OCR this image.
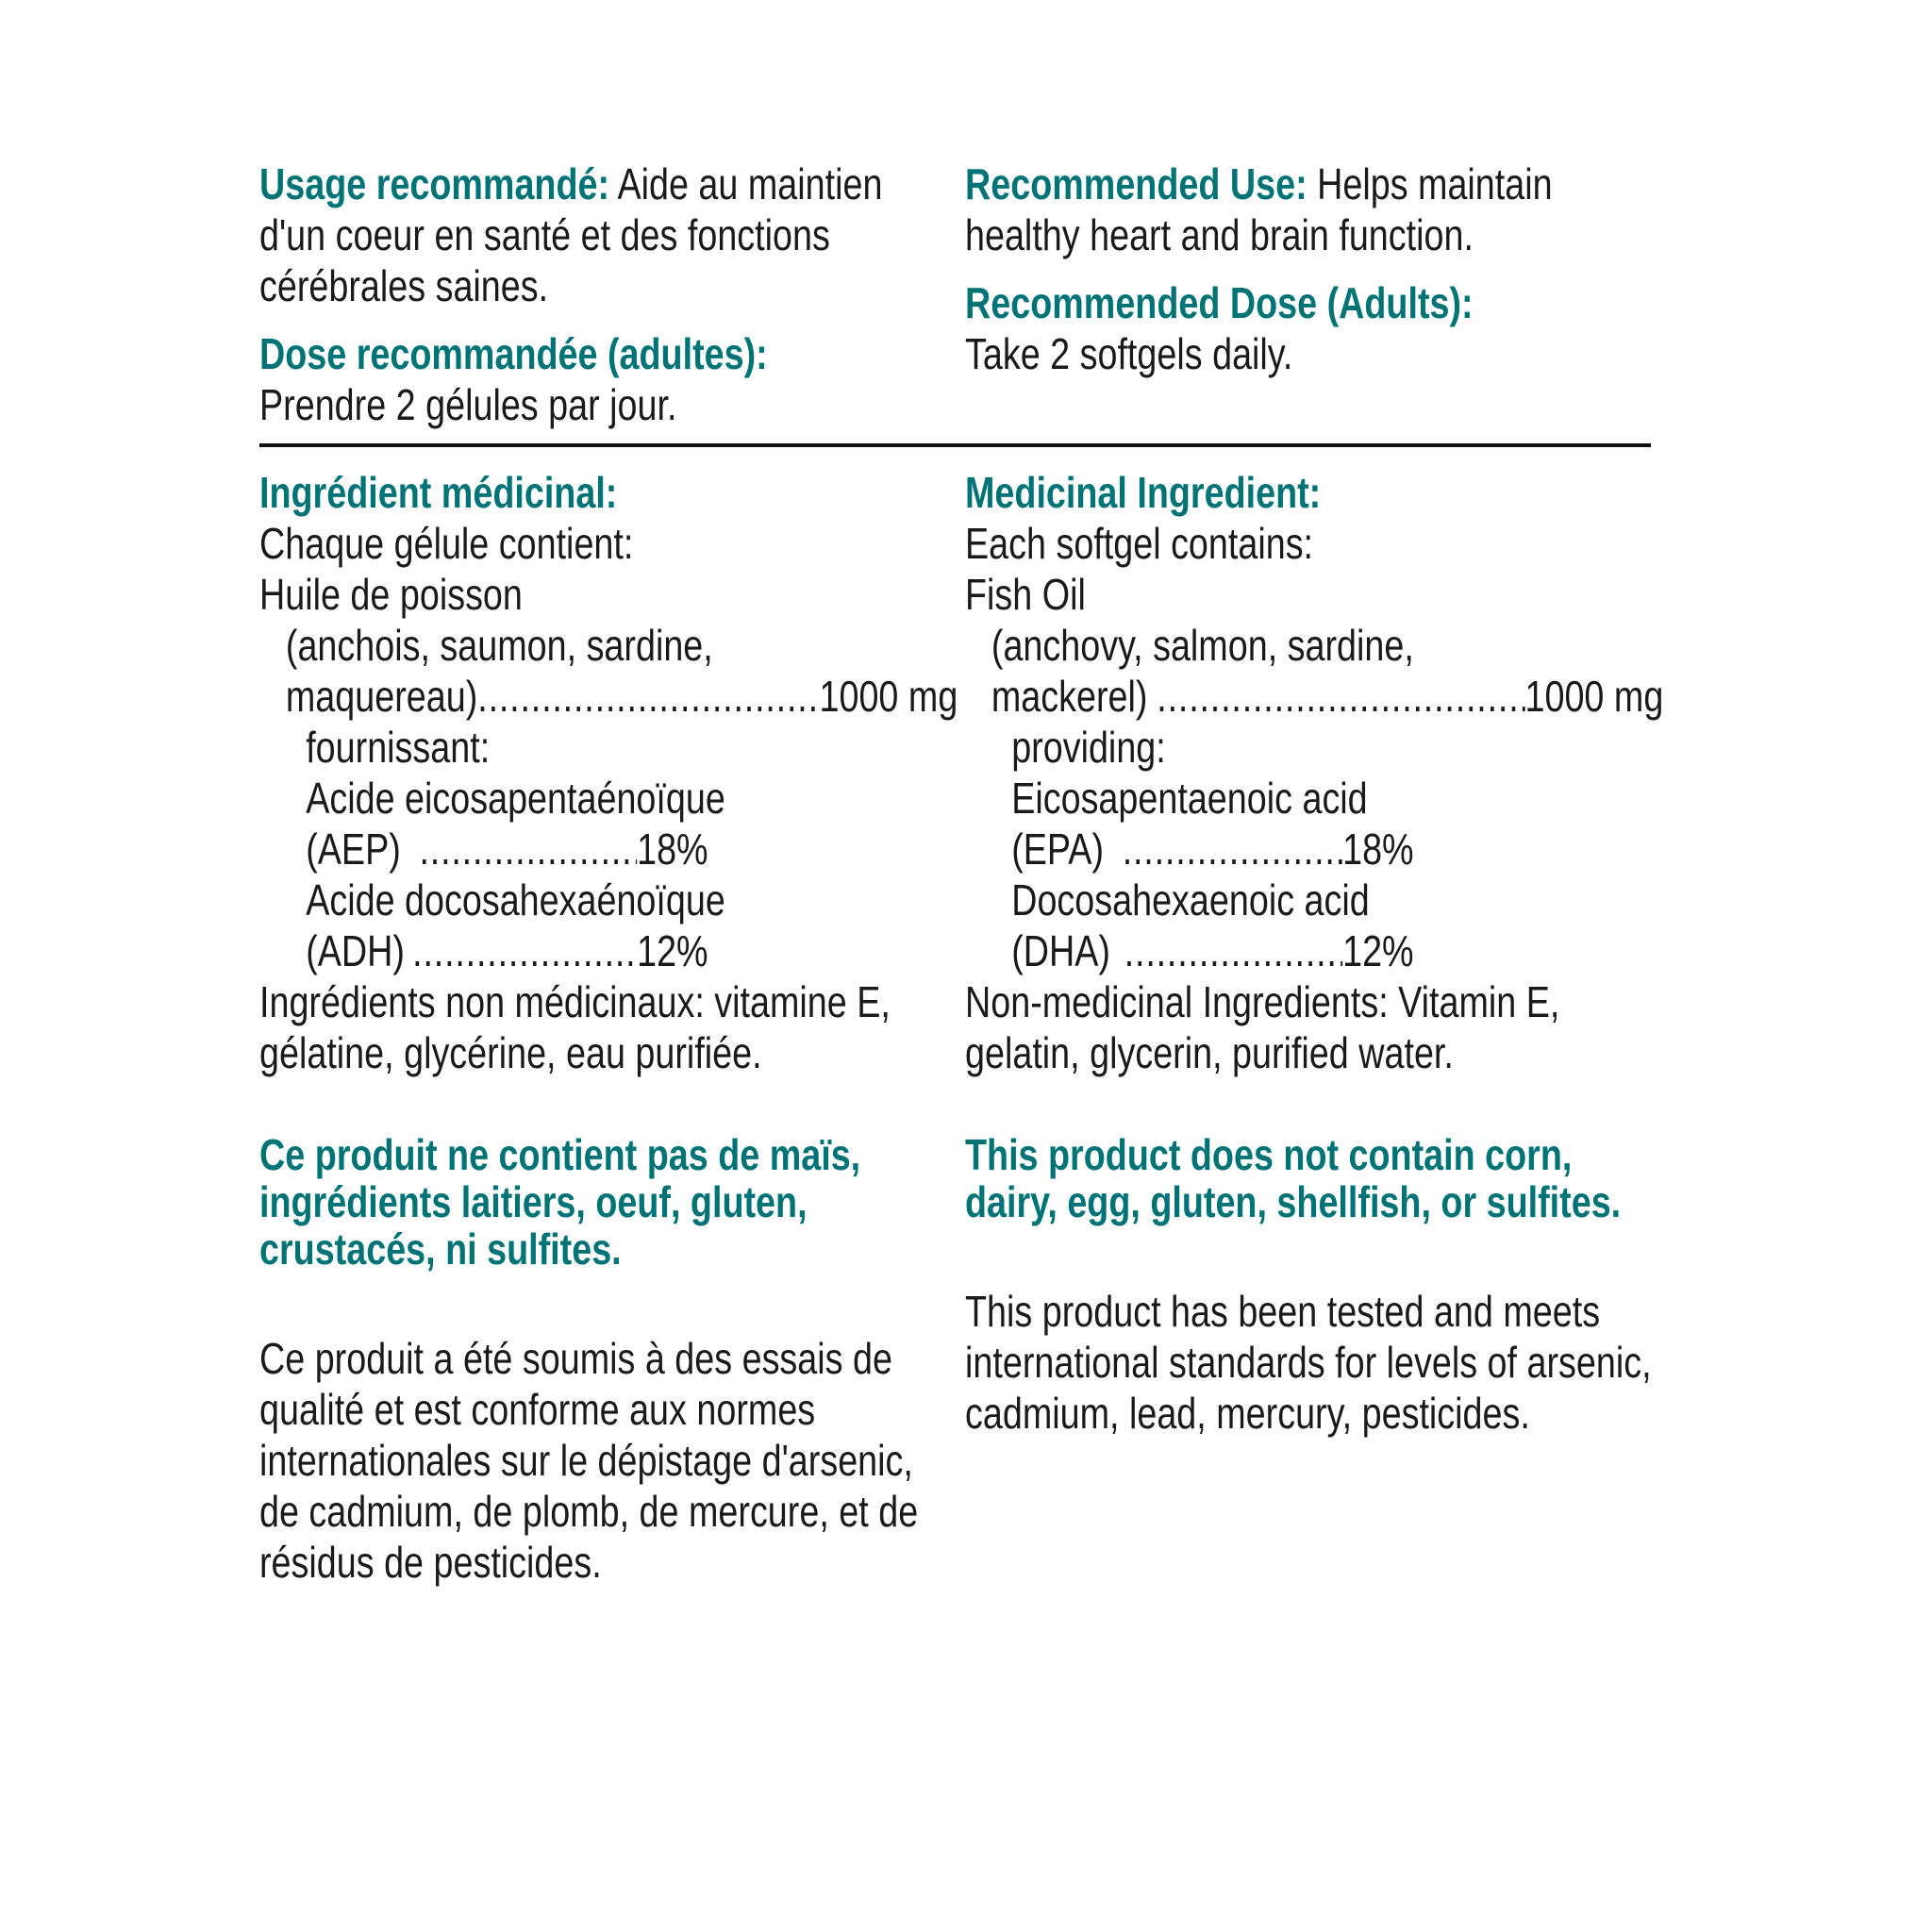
Usage recommandé: Aide au maintien d'un coeur en santé et des fonctions cérébrales saines.

Dose recommandée (adultes):

Prendre 2 gélules par jour.

Recommended Use: Helps maintain healthy heart and brain function.

Recommended Dose (Adults):

Take 2 softgels daily.

Ingrédient médicinal:

Chaque gélule contient:

Huile de poisson

(anchois, saumon, sardine,

maquereau) .....	1000 mg

fournissant:

Acide eicosapentaénoïque

(AEP) .....	18%

Acide docosahexaénoïque

(ADH) .....	12%

Ingrédients non médicinaux: vitamine E, gélatine, glycérine, eau purifiée.

Ce produit ne contient pas de maïs, ingrédients laitiers, oeuf, gluten, crustacés, ni sulfites.

Ce produit a été soumis à des essais de qualité et est conforme aux normes internationales sur le dépistage d'arsenic, de cadmium, de plomb, de mercure, et de résidus de pesticides.

Medicinal Ingredient:

Each softgel contains:

Fish Oil

(anchovy, salmon, sardine,

mackerel) .....	1000 mg

providing:

Eicosapentaenoic acid

(EPA) .....	18%

Docosahexaenoic acid

(DHA) .....	12%

Non-medicinal Ingredients: Vitamin E, gelatin, glycerin, purified water.

This product does not contain corn, dairy, egg, gluten, shellfish, or sulfites.

This product has been tested and meets international standards for levels of arsenic, cadmium, lead, mercury, pesticides.
